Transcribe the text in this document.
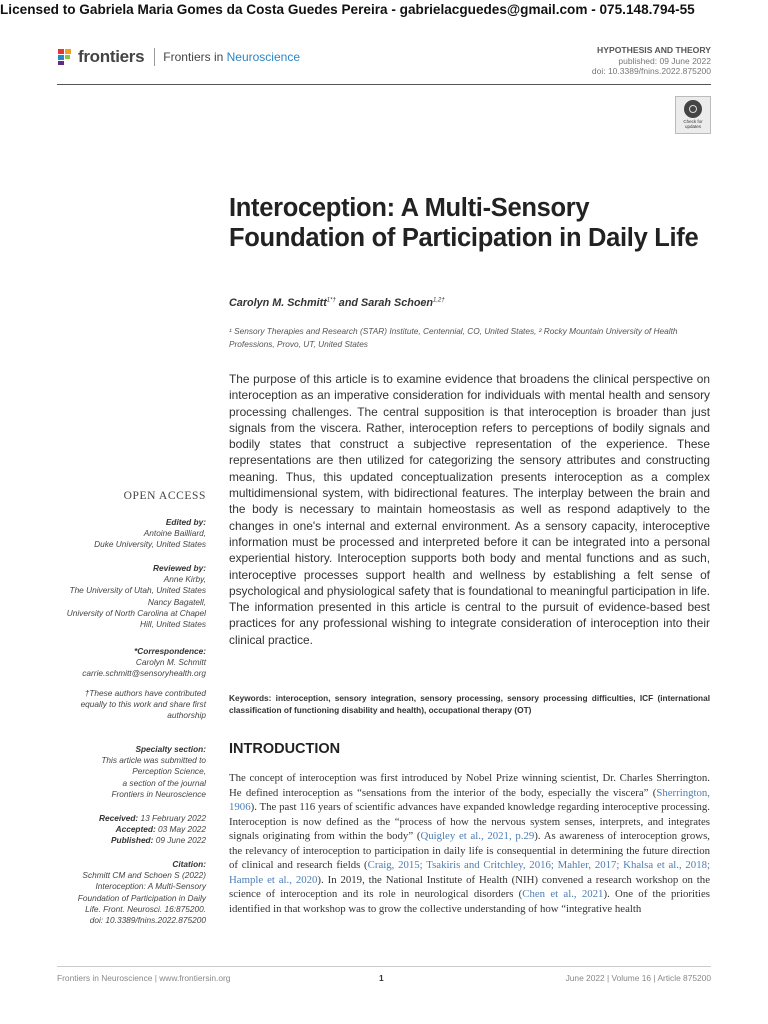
Licensed to Gabriela Maria Gomes da Costa Guedes Pereira - gabrielacguedes@gmail.com - 075.148.794-55
frontiers Frontiers in Neuroscience	HYPOTHESIS AND THEORY
published: 09 June 2022
doi: 10.3389/fnins.2022.875200
Check for
updates
Interoception: A Multi-Sensory Foundation of Participation in Daily Life
Carolyn M. Schmitt$^{1*\dagger}$ and Sarah Schoen$^{1,2\dagger}$
¹ Sensory Therapies and Research (STAR) Institute, Centennial, CO, United States, ² Rocky Mountain University of Health Professions, Provo, UT, United States
The purpose of this article is to examine evidence that broadens the clinical perspective on interoception as an imperative consideration for individuals with mental health and sensory processing challenges. The central supposition is that interoception is broader than just signals from the viscera. Rather, interoception refers to perceptions of bodily signals and bodily states that construct a subjective representation of the experience. These representations are then utilized for categorizing the sensory attributes and constructing meaning. Thus, this updated conceptualization presents interoception as a complex multidimensional system, with bidirectional features. The interplay between the brain and the body is necessary to maintain homeostasis as well as respond adaptively to the changes in one's internal and external environment. As a sensory capacity, interoceptive information must be processed and interpreted before it can be integrated into a personal experiential history. Interoception supports both body and mental functions and as such, interoceptive processes support health and wellness by establishing a felt sense of psychological and physiological safety that is foundational to meaningful participation in life. The information presented in this article is central to the pursuit of evidence-based best practices for any professional wishing to integrate consideration of interoception into their clinical practice.
Keywords: interoception, sensory integration, sensory processing, sensory processing difficulties, ICF (international classification of functioning disability and health), occupational therapy (OT)
INTRODUCTION
The concept of interoception was first introduced by Nobel Prize winning scientist, Dr. Charles Sherrington. He defined interoception as “sensations from the interior of the body, especially the viscera” (Sherrington, 1906). The past 116 years of scientific advances have expanded knowledge regarding interoceptive processing. Interoception is now defined as the “process of how the nervous system senses, interprets, and integrates signals originating from within the body” (Quigley et al., 2021, p.29). As awareness of interoception grows, the relevancy of interoception to participation in daily life is consequential in determining the future direction of clinical and research fields (Craig, 2015; Tsakiris and Critchley, 2016; Mahler, 2017; Khalsa et al., 2018; Hample et al., 2020). In 2019, the National Institute of Health (NIH) convened a research workshop on the science of interoception and its role in neurological disorders (Chen et al., 2021). One of the priorities identified in that workshop was to grow the collective understanding of how “integrative health
OPEN ACCESS
Edited by:
Antoine Bailliard,
Duke University, United States
Reviewed by:
Anne Kirby,
The University of Utah, United States
Nancy Bagatell,
University of North Carolina at Chapel
Hill, United States
*Correspondence:
Carolyn M. Schmitt
carrie.schmitt@sensoryhealth.org
†These authors have contributed
equally to this work and share first
authorship
Specialty section:
This article was submitted to
Perception Science,
a section of the journal
Frontiers in Neuroscience
Received: 13 February 2022
Accepted: 03 May 2022
Published: 09 June 2022
Citation:
Schmitt CM and Schoen S (2022)
Interoception: A Multi-Sensory
Foundation of Participation in Daily
Life. Front. Neurosci. 16:875200.
doi: 10.3389/fnins.2022.875200
Frontiers in Neuroscience | www.frontiersin.org	1	June 2022 | Volume 16 | Article 875200
